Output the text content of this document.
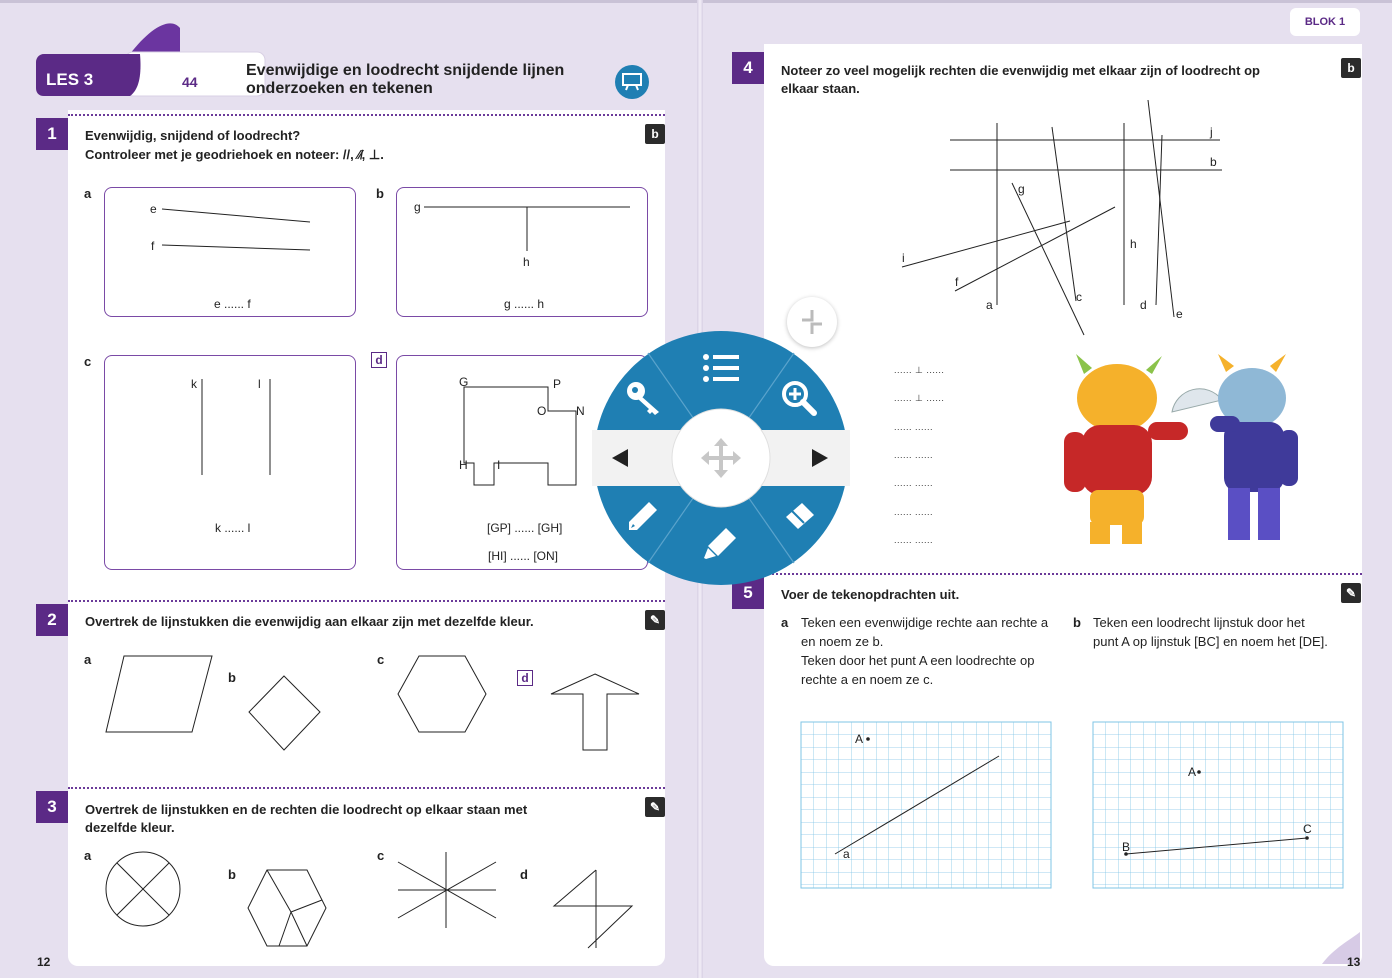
LES 3	44
Evenwijdige en loodrecht snijdende lijnen
onderzoeken en tekenen
1	Evenwijdig, snijdend of loodrecht?
Controleer met je geodriehoek en noteer: //, ∕∕̸, ⊥.
b
a
e
f
e ...... f
b
g
h
g ...... h
c
k	l
k ...... l
d
G	P
O N
H I
[GP] ...... [GH]
[HI] ...... [ON]
2	Overtrek de lijnstukken die evenwijdig aan elkaar zijn met dezelfde kleur.	✎
a
b
c
d
3	Overtrek de lijnstukken en de rechten die loodrecht op elkaar staan met
dezelfde kleur.
✎
a
b
c
d
12
BLOK 1
4	Noteer zo veel mogelijk rechten die evenwijdig met elkaar zijn of loodrecht op
elkaar staan.
b
j
b
g
h
i
f
a
c
d
e
...... ⊥ ......
...... ⊥ ......
...... ......
...... ......
...... ......
...... ......
...... ......
5	Voer de tekenopdrachten uit.	✎
a Teken een evenwijdige rechte aan rechte a
en noem ze b.
Teken door het punt A een loodrechte op
rechte a en noem ze c.
b Teken een loodrecht lijnstuk door het
punt A op lijnstuk [BC] en noem het [DE].
A
a
A
B
C
13
